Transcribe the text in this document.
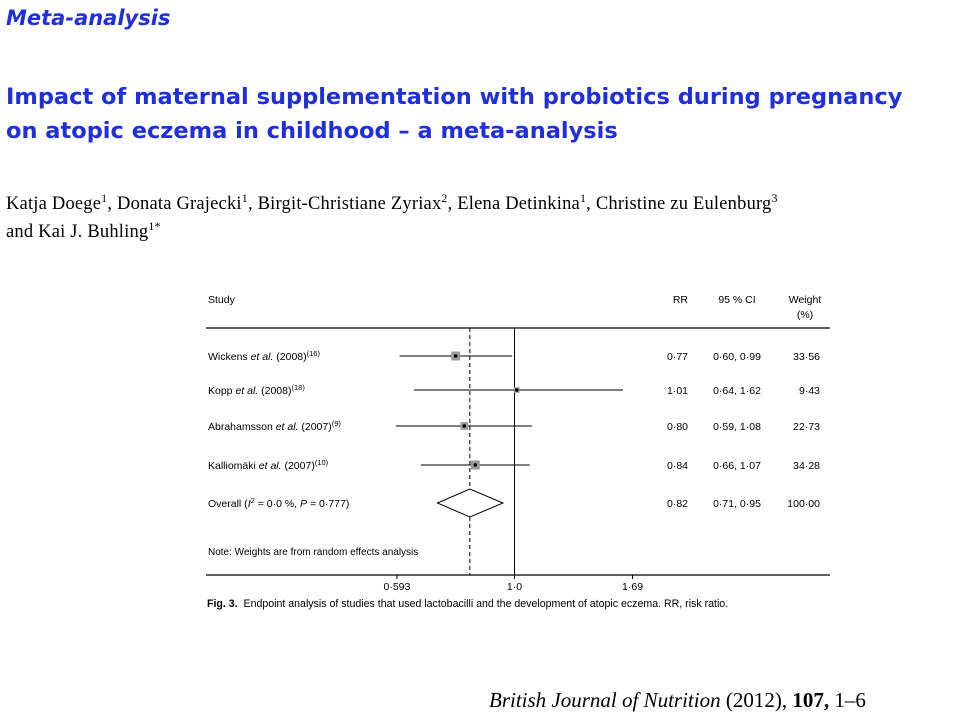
Meta-analysis
Impact of maternal supplementation with probiotics during pregnancy
on atopic eczema in childhood – a meta-analysis
Katja Doege$^1$, Donata Grajecki$^1$, Birgit-Christiane Zyriax$^2$, Elena Detinkina$^1$, Christine zu Eulenburg$^3$
and Kai J. Buhling$^{1*}$
Study	RR	95 % CI	Weight
(%)
Wickens et al. $(2008)^{(16)}$	0·77 0·60, 0·99	33·56
Kopp et al. $(2008)^{(18)}$	1·01 0·64, 1·62	9·43
Abrahamsson et al. $(2007)^{(9)}$	0·80 0·59, 1·08	22·73
Kalliomäki et al. $(2007)^{(10)}$	0·84 0·66, 1·07	34·28
Overall ($I^2 = 0\cdot 0$ %, P = 0·777)	0·82 0·71, 0·95	100·00
Note: Weights are from random effects analysis
0·593	1·0	1·69
Fig. 3. Endpoint analysis of studies that used lactobacilli and the development of atopic eczema. RR, risk ratio.
British Journal of Nutrition (2012), 107, 1–6
